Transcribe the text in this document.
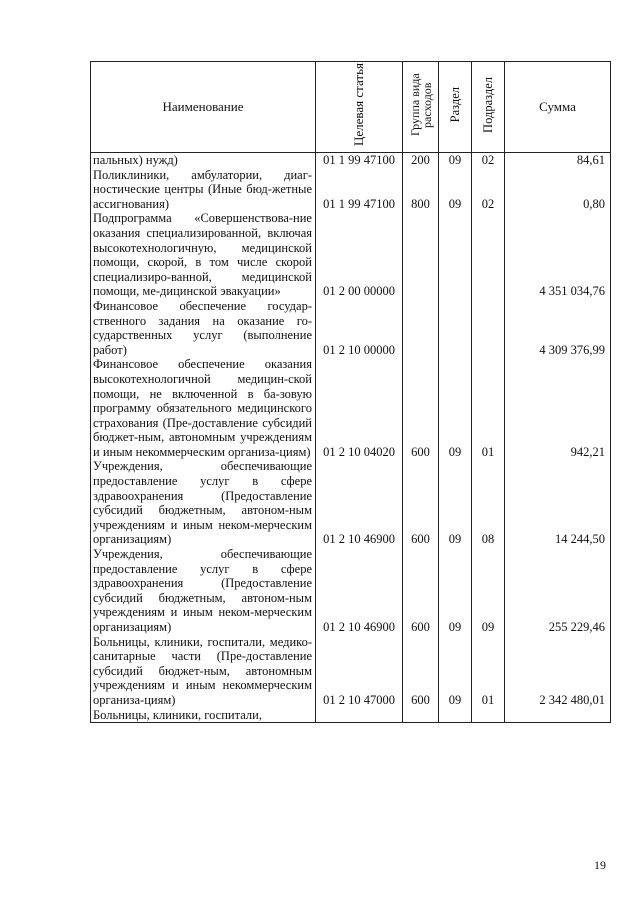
Наименование	Целевая статья	Группа вида расходов	Раздел	Подраздел	Сумма
пальных) нужд)	01 1 99 47100	200	09	02	84,61
Поликлиники, амбулатории, диаг-ностические центры (Иные бюд-жетные ассигнования)	01 1 99 47100	800	09	02	0,80
Подпрограмма «Совершенствова-ние оказания специализированной, включая высокотехнологичную, медицинской помощи, скорой, в том числе скорой специализиро-ванной, медицинской помощи, ме-дицинской эвакуации»	01 2 00 00000				4 351 034,76
Финансовое обеспечение государ-ственного задания на оказание го-сударственных услуг (выполнение работ)	01 2 10 00000				4 309 376,99
Финансовое обеспечение оказания высокотехнологичной медицин-ской помощи, не включенной в ба-зовую программу обязательного медицинского страхования (Пре-доставление субсидий бюджет-ным, автономным учреждениям и иным некоммерческим организа-циям)	01 2 10 04020	600	09	01	942,21
Учреждения, обеспечивающие предоставление услуг в сфере здравоохранения (Предоставление субсидий бюджетным, автоном-ным учреждениям и иным неком-мерческим организациям)	01 2 10 46900	600	09	08	14 244,50
Учреждения, обеспечивающие предоставление услуг в сфере здравоохранения (Предоставление субсидий бюджетным, автоном-ным учреждениям и иным неком-мерческим организациям)	01 2 10 46900	600	09	09	255 229,46
Больницы, клиники, госпитали, медико-санитарные части (Пре-доставление субсидий бюджет-ным, автономным учреждениям и иным некоммерческим организа-циям)	01 2 10 47000	600	09	01	2 342 480,01
Больницы, клиники, госпитали,					
19
